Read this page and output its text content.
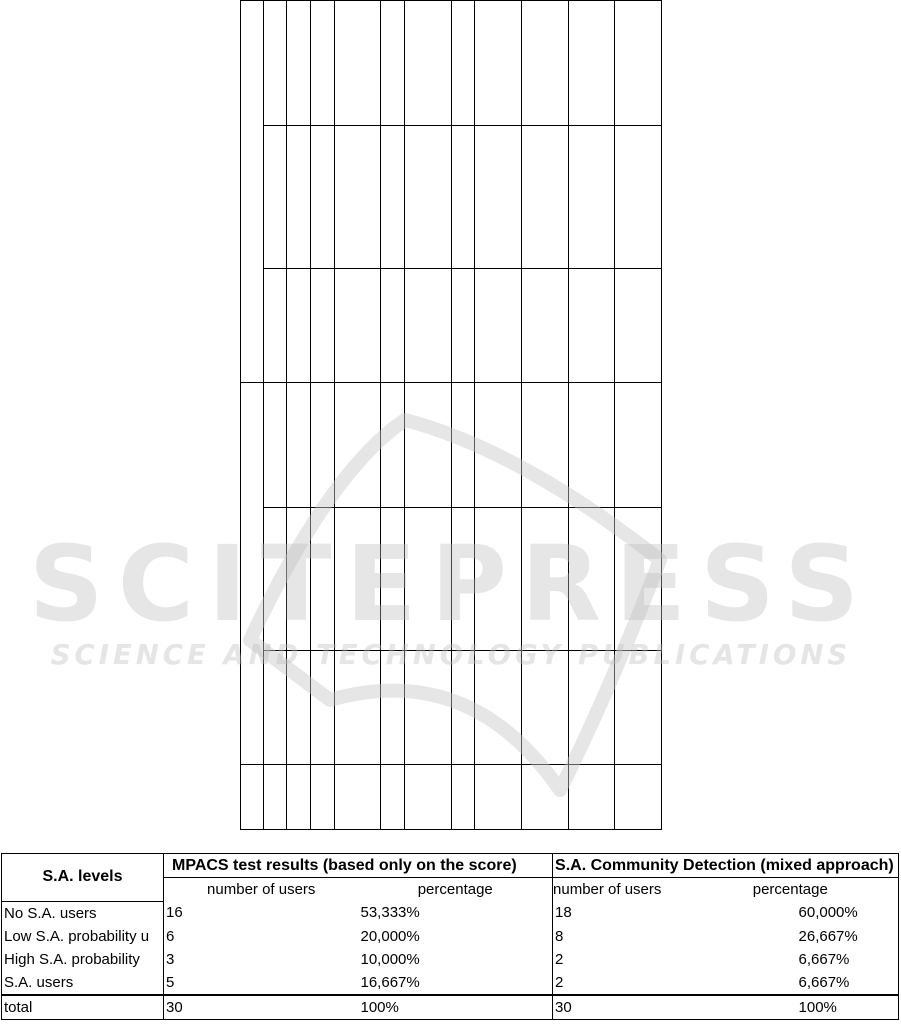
SCITEPRESS
SCIENCE AND TECHNOLOGY PUBLICATIONS
S.A. levels	MPACS test results (based only on the score)		S.A. Community Detection (mixed approach)	
	number of users	percentage	number of users	percentage
No S.A. users	16	53,333%	18	60,000%
Low S.A. probability u	6	20,000%	8	26,667%
High S.A. probability	3	10,000%	2	6,667%
S.A. users	5	16,667%	2	6,667%
total	30	100%	30	100%
